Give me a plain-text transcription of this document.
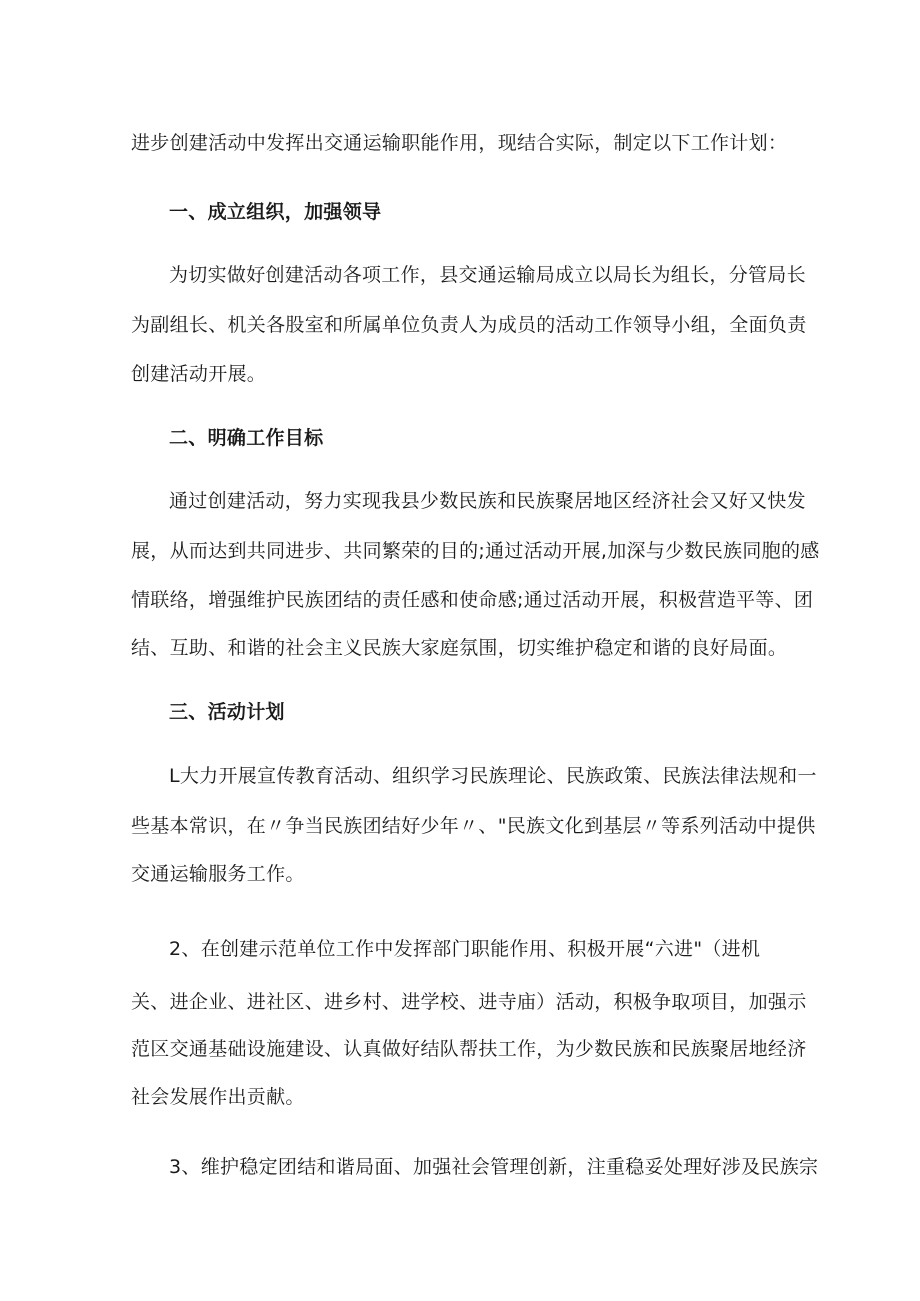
进步创建活动中发挥出交通运输职能作用，现结合实际，制定以下工作计划：
一、成立组织，加强领导
为切实做好创建活动各项工作，县交通运输局成立以局长为组长，分管局长
为副组长、机关各股室和所属单位负责人为成员的活动工作领导小组，全面负责
创建活动开展。
二、明确工作目标
通过创建活动，努力实现我县少数民族和民族聚居地区经济社会又好又快发
展，从而达到共同进步、共同繁荣的目的;通过活动开展,加深与少数民族同胞的感
情联络，增强维护民族团结的责任感和使命感;通过活动开展，积极营造平等、团
结、互助、和谐的社会主义民族大家庭氛围，切实维护稳定和谐的良好局面。
三、活动计划
L大力开展宣传教育活动、组织学习民族理论、民族政策、民族法律法规和一
些基本常识，在〃争当民族团结好少年〃、"民族文化到基层〃等系列活动中提供
交通运输服务工作。
2、在创建示范单位工作中发挥部门职能作用、积极开展“六进"（进机
关、进企业、进社区、进乡村、进学校、进寺庙）活动，积极争取项目，加强示
范区交通基础设施建设、认真做好结队帮扶工作，为少数民族和民族聚居地经济
社会发展作出贡献。
3、维护稳定团结和谐局面、加强社会管理创新，注重稳妥处理好涉及民族宗
